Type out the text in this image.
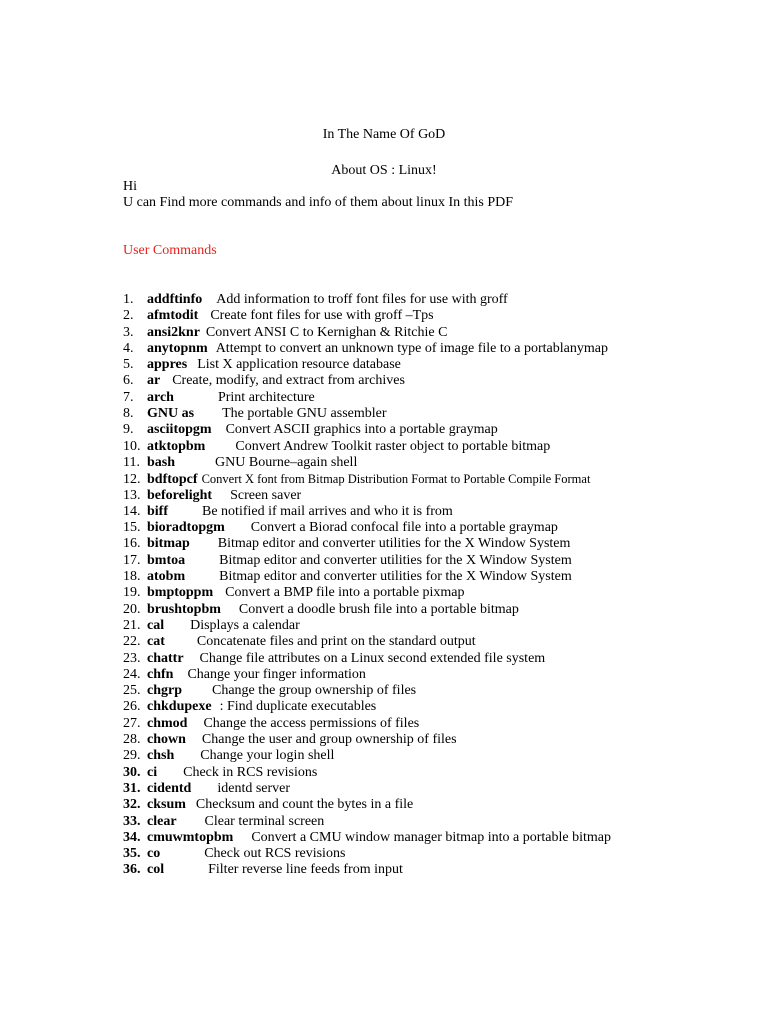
In The Name Of GoD
About OS : Linux!
Hi
U can Find more commands and info of them about linux In this PDF
User Commands
1. addftinfo Add information to troff font files for use with groff
2. afmtodit Create font files for use with groff –Tps
3. ansi2knr Convert ANSI C to Kernighan & Ritchie C
4. anytopnm Attempt to convert an unknown type of image file to a portablanymap
5. appres List X application resource database
6. ar Create, modify, and extract from archives
7. arch	Print architecture
8. GNU as The portable GNU assembler
9. asciitopgm Convert ASCII graphics into a portable graymap
10. atktopbm Convert Andrew Toolkit raster object to portable bitmap
11. bash	GNU Bourne–again shell
12. bdftopcf Convert X font from Bitmap Distribution Format to Portable Compile Format
13. beforelight Screen saver
14. biff Be notified if mail arrives and who it is from
15. bioradtopgm Convert a Biorad confocal file into a portable graymap
16. bitmap Bitmap editor and converter utilities for the X Window System
17. bmtoa Bitmap editor and converter utilities for the X Window System
18. atobm Bitmap editor and converter utilities for the X Window System
19. bmptoppm Convert a BMP file into a portable pixmap
20. brushtopbm Convert a doodle brush file into a portable bitmap
21. cal Displays a calendar
22. cat Concatenate files and print on the standard output
23. chattr Change file attributes on a Linux second extended file system
24. chfn Change your finger information
25. chgrp Change the group ownership of files
26. chkdupexe : Find duplicate executables
27. chmod Change the access permissions of files
28. chown Change the user and group ownership of files
29. chsh Change your login shell
30. ci Check in RCS revisions
31. cidentd identd server
32. cksum Checksum and count the bytes in a file
33. clear Clear terminal screen
34. cmuwmtopbm Convert a CMU window manager bitmap into a portable bitmap
35. co	Check out RCS revisions
36. col	Filter reverse line feeds from input
